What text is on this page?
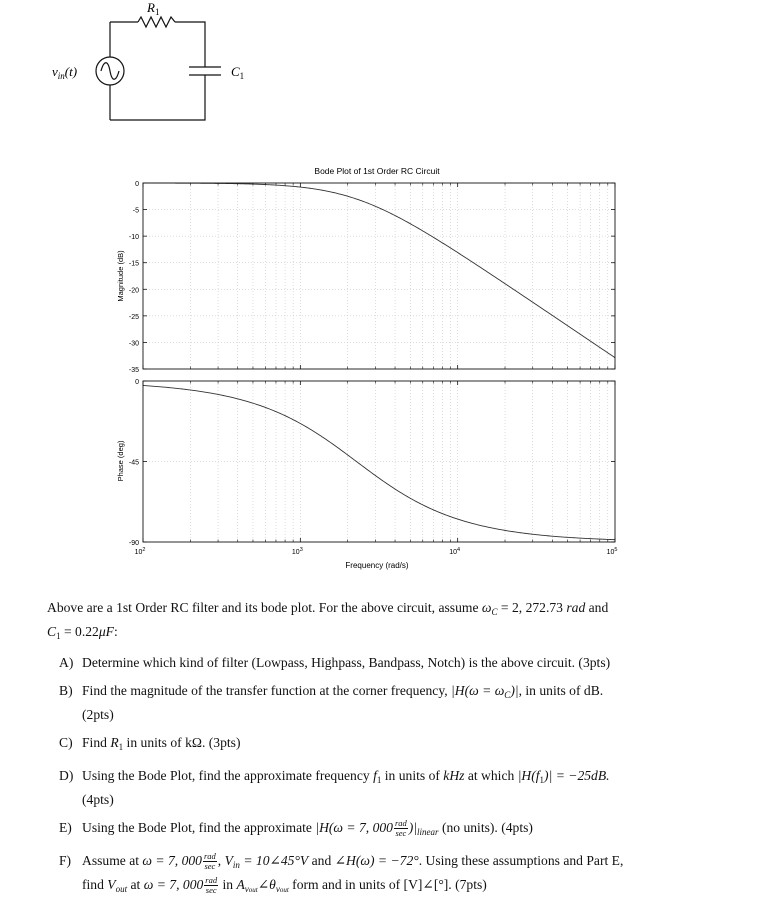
$R_1$
$C_1$
$v_{in}(t)$
Bode Plot of 1st Order RC Circuit
0
-5
-10
-15
-20
-25
-30
-35
Magnitude (dB)
0
-45
-90
$10^2$	$10^3$	$10^4$	$10^5$
Phase (deg)
Frequency (rad/s)

Above are a 1st Order RC filter and its bode plot. For the above circuit, assume $\omega_C = 2$, 272.73 rad and
$C_1 = 0.22\mu F$:

A) Determine which kind of filter (Lowpass, Highpass, Bandpass, Notch) is the above circuit. (3pts)
B) Find the magnitude of the transfer function at the corner frequency, $|H(\omega = \omega_C)|$, in units of dB.
(2pts)
C) Find $R_1$ in units of kΩ. (3pts)
D) Using the Bode Plot, find the approximate frequency $f_1$ in units of kHz at which $|H(f_1)| = -25dB$.
(4pts)
E) Using the Bode Plot, find the approximate |H(ω = 7, $000 \frac{\text{rad}}{\sec} )|_{linear}$ (no units). (4pts)
F) Assume at ω = 7, $000 \frac{\text{rad}}{\sec}$ , $V_{in}$ = 10∠45°V and ∠H(ω) = −72°. Using these assumptions and Part E,
find $V_{out}$ at ω = 7, $000 \frac{\text{rad}}{\sec}$ in $A_{vout}\angle\theta_{vout}$ form and in units of [V]∠[°]. (7pts)
